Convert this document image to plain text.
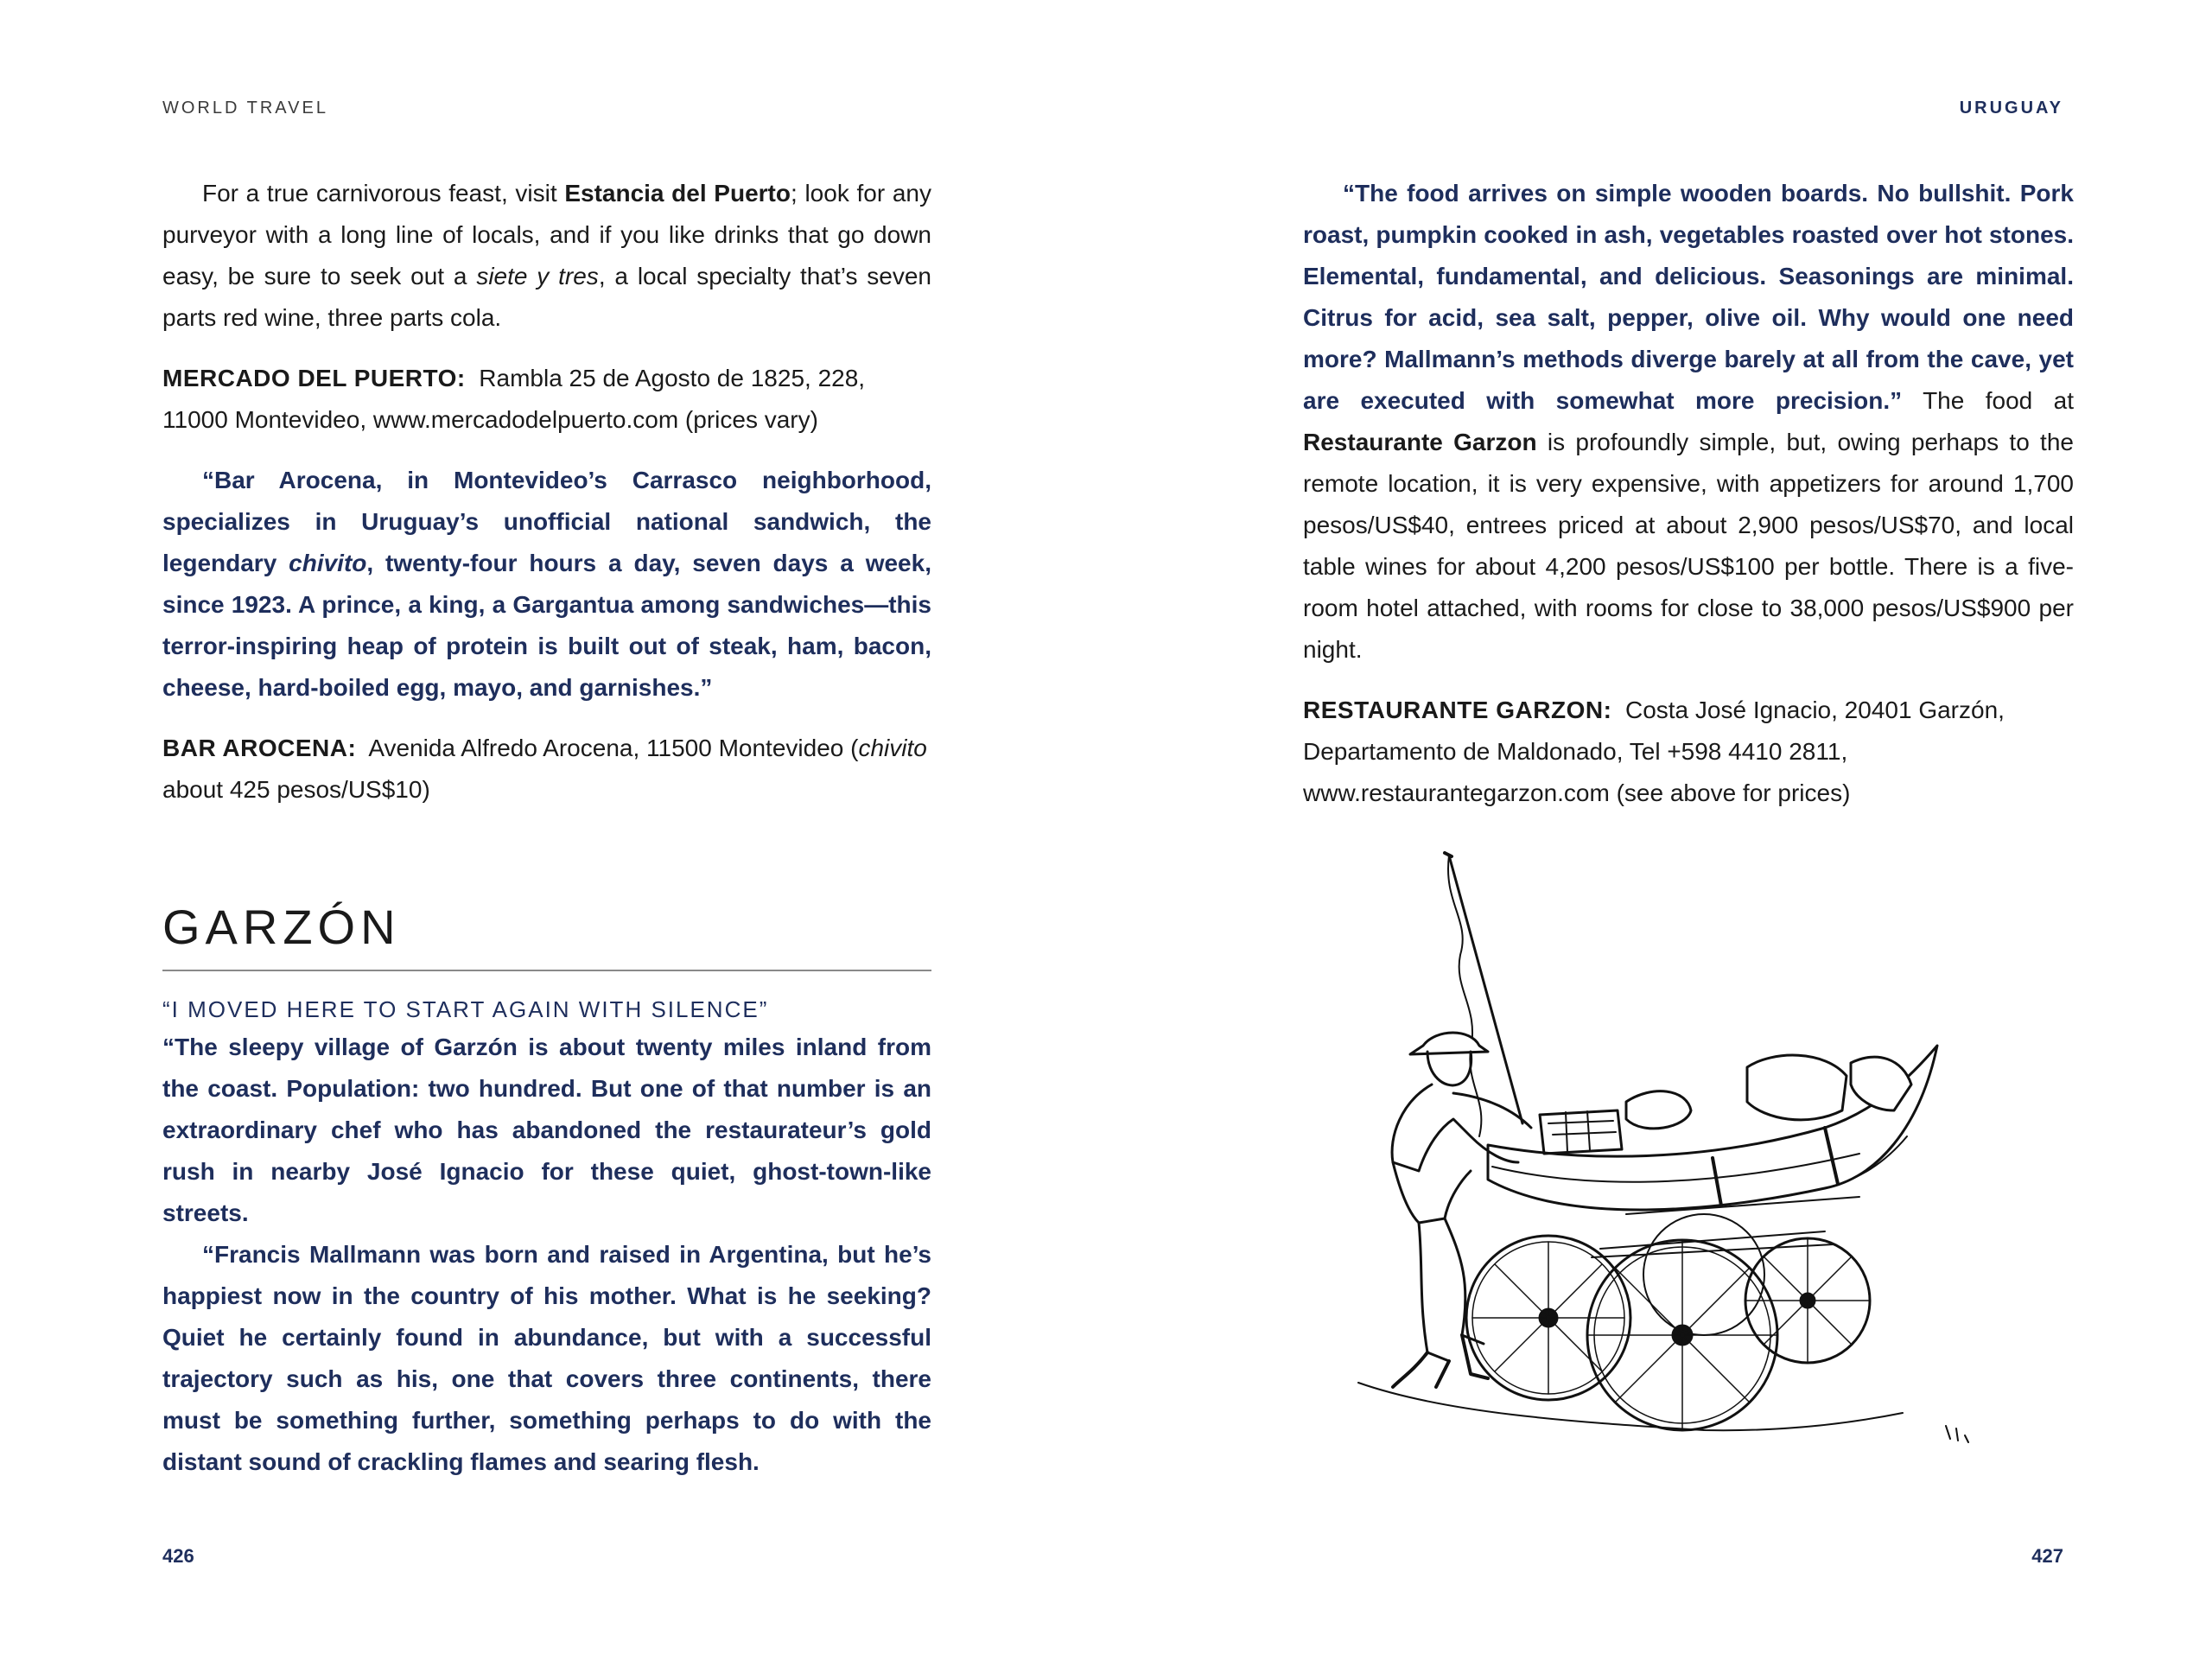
WORLD TRAVEL

For a true carnivorous feast, visit Estancia del Puerto; look for any purveyor with a long line of locals, and if you like drinks that go down easy, be sure to seek out a siete y tres, a local specialty that’s seven parts red wine, three parts cola.

MERCADO DEL PUERTO: Rambla 25 de Agosto de 1825, 228, 11000 Montevideo, www.mercadodelpuerto.com (prices vary)

“Bar Arocena, in Montevideo’s Carrasco neighborhood, specializes in Uruguay’s unofficial national sandwich, the legendary chivito, twenty-four hours a day, seven days a week, since 1923. A prince, a king, a Gargantua among sandwiches—this terror-inspiring heap of protein is built out of steak, ham, bacon, cheese, hard-boiled egg, mayo, and garnishes.”

BAR AROCENA: Avenida Alfredo Arocena, 11500 Montevideo (chivito about 425 pesos/US$10)

GARZÓN
“I MOVED HERE TO START AGAIN WITH SILENCE”

“The sleepy village of Garzón is about twenty miles inland from the coast. Population: two hundred. But one of that number is an extraordinary chef who has abandoned the restaurateur’s gold rush in nearby José Ignacio for these quiet, ghost-town-like streets.

“Francis Mallmann was born and raised in Argentina, but he’s happiest now in the country of his mother. What is he seeking? Quiet he certainly found in abundance, but with a successful trajectory such as his, one that covers three continents, there must be something further, something perhaps to do with the distant sound of crackling flames and searing flesh.

426
URUGUAY

“The food arrives on simple wooden boards. No bullshit. Pork roast, pumpkin cooked in ash, vegetables roasted over hot stones. Elemental, fundamental, and delicious. Seasonings are minimal. Citrus for acid, sea salt, pepper, olive oil. Why would one need more? Mallmann’s methods diverge barely at all from the cave, yet are executed with somewhat more precision.” The food at Restaurante Garzon is profoundly simple, but, owing perhaps to the remote location, it is very expensive, with appetizers for around 1,700 pesos/US$40, entrees priced at about 2,900 pesos/US$70, and local table wines for about 4,200 pesos/US$100 per bottle. There is a five-room hotel attached, with rooms for close to 38,000 pesos/US$900 per night.

RESTAURANTE GARZON: Costa José Ignacio, 20401 Garzón, Departamento de Maldonado, Tel +598 4410 2811, www.restaurantegarzon.com (see above for prices)

427
